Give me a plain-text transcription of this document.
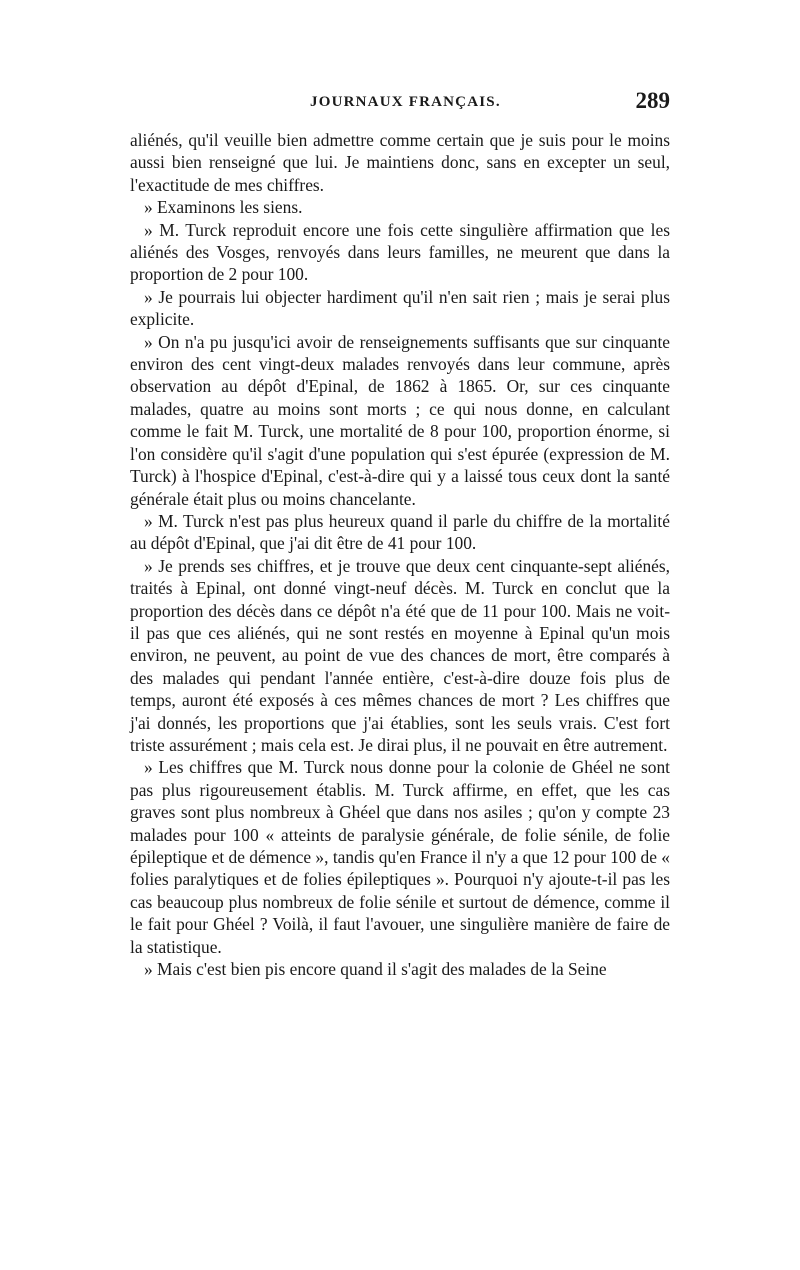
JOURNAUX FRANÇAIS.	289

aliénés, qu'il veuille bien admettre comme certain que je suis pour le moins aussi bien renseigné que lui. Je maintiens donc, sans en excepter un seul, l'exactitude de mes chiffres.

» Examinons les siens.

» M. Turck reproduit encore une fois cette singulière affirmation que les aliénés des Vosges, renvoyés dans leurs familles, ne meurent que dans la proportion de 2 pour 100.

» Je pourrais lui objecter hardiment qu'il n'en sait rien ; mais je serai plus explicite.

» On n'a pu jusqu'ici avoir de renseignements suffisants que sur cinquante environ des cent vingt-deux malades renvoyés dans leur commune, après observation au dépôt d'Epinal, de 1862 à 1865. Or, sur ces cinquante malades, quatre au moins sont morts ; ce qui nous donne, en calculant comme le fait M. Turck, une mortalité de 8 pour 100, proportion énorme, si l'on considère qu'il s'agit d'une population qui s'est épurée (expression de M. Turck) à l'hospice d'Epinal, c'est-à-dire qui y a laissé tous ceux dont la santé générale était plus ou moins chancelante.

» M. Turck n'est pas plus heureux quand il parle du chiffre de la mortalité au dépôt d'Epinal, que j'ai dit être de 41 pour 100.

» Je prends ses chiffres, et je trouve que deux cent cinquante-sept aliénés, traités à Epinal, ont donné vingt-neuf décès. M. Turck en conclut que la proportion des décès dans ce dépôt n'a été que de 11 pour 100. Mais ne voit-il pas que ces aliénés, qui ne sont restés en moyenne à Epinal qu'un mois environ, ne peuvent, au point de vue des chances de mort, être comparés à des malades qui pendant l'année entière, c'est-à-dire douze fois plus de temps, auront été exposés à ces mêmes chances de mort ? Les chiffres que j'ai donnés, les proportions que j'ai établies, sont les seuls vrais. C'est fort triste assurément ; mais cela est. Je dirai plus, il ne pouvait en être autrement.

» Les chiffres que M. Turck nous donne pour la colonie de Ghéel ne sont pas plus rigoureusement établis. M. Turck affirme, en effet, que les cas graves sont plus nombreux à Ghéel que dans nos asiles ; qu'on y compte 23 malades pour 100 « atteints de paralysie générale, de folie sénile, de folie épileptique et de démence », tandis qu'en France il n'y a que 12 pour 100 de « folies paralytiques et de folies épileptiques ». Pourquoi n'y ajoute-t-il pas les cas beaucoup plus nombreux de folie sénile et surtout de démence, comme il le fait pour Ghéel ? Voilà, il faut l'avouer, une singulière manière de faire de la statistique.

» Mais c'est bien pis encore quand il s'agit des malades de la Seine
